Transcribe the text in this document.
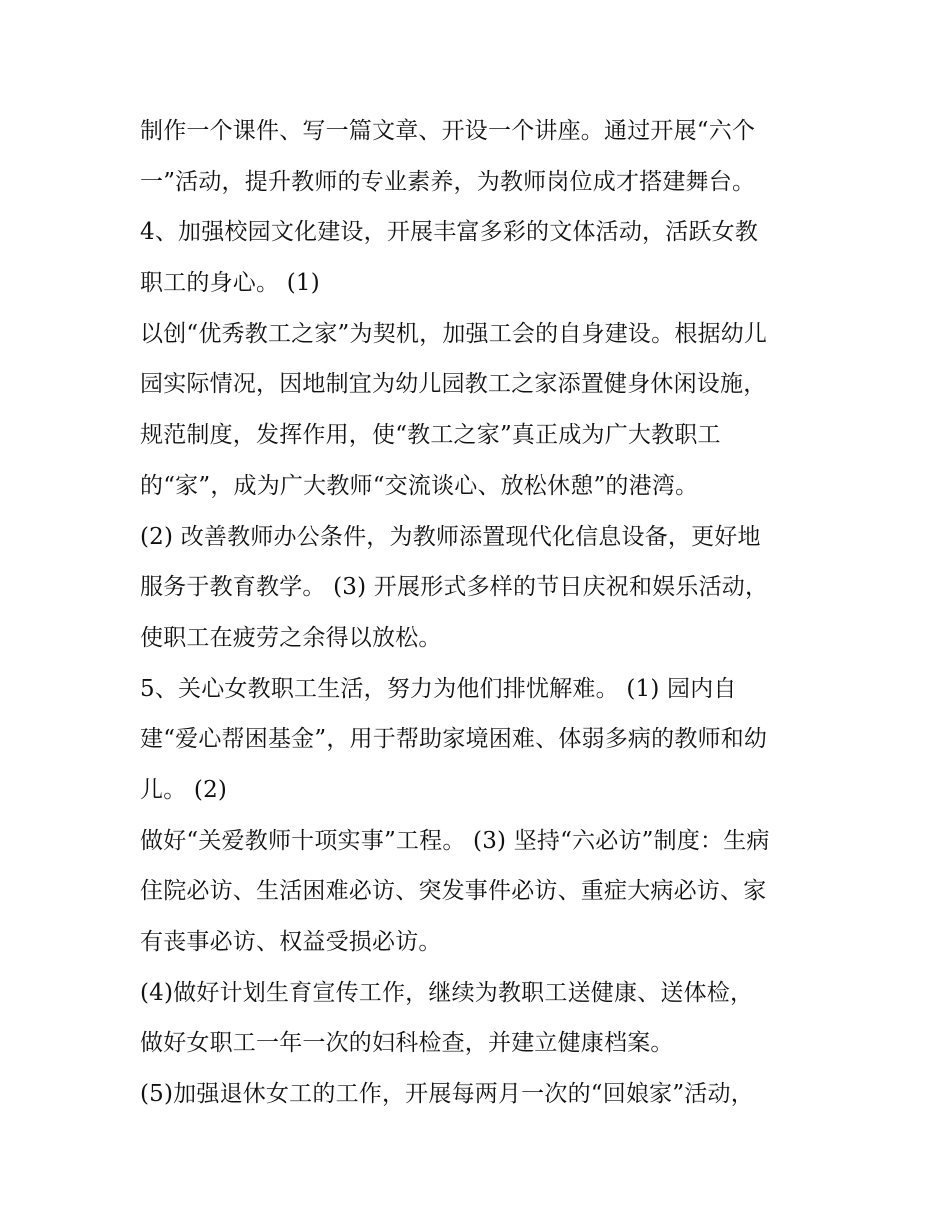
制作一个课件、写一篇文章、开设一个讲座。通过开展“六个
一”活动，提升教师的专业素养，为教师岗位成才搭建舞台。
4、加强校园文化建设，开展丰富多彩的文体活动，活跃女教
职工的身心。 (1)
以创“优秀教工之家”为契机，加强工会的自身建设。根据幼儿
园实际情况，因地制宜为幼儿园教工之家添置健身休闲设施，
规范制度，发挥作用，使“教工之家”真正成为广大教职工
的“家”，成为广大教师“交流谈心、放松休憩”的港湾。
(2) 改善教师办公条件，为教师添置现代化信息设备，更好地
服务于教育教学。 (3) 开展形式多样的节日庆祝和娱乐活动，
使职工在疲劳之余得以放松。
5、关心女教职工生活，努力为他们排忧解难。 (1) 园内自
建“爱心帮困基金”，用于帮助家境困难、体弱多病的教师和幼
儿。 (2)
做好“关爱教师十项实事”工程。 (3) 坚持“六必访”制度：生病
住院必访、生活困难必访、突发事件必访、重症大病必访、家
有丧事必访、权益受损必访。
(4)做好计划生育宣传工作，继续为教职工送健康、送体检，
做好女职工一年一次的妇科检查，并建立健康档案。
(5)加强退休女工的工作，开展每两月一次的“回娘家”活动，
